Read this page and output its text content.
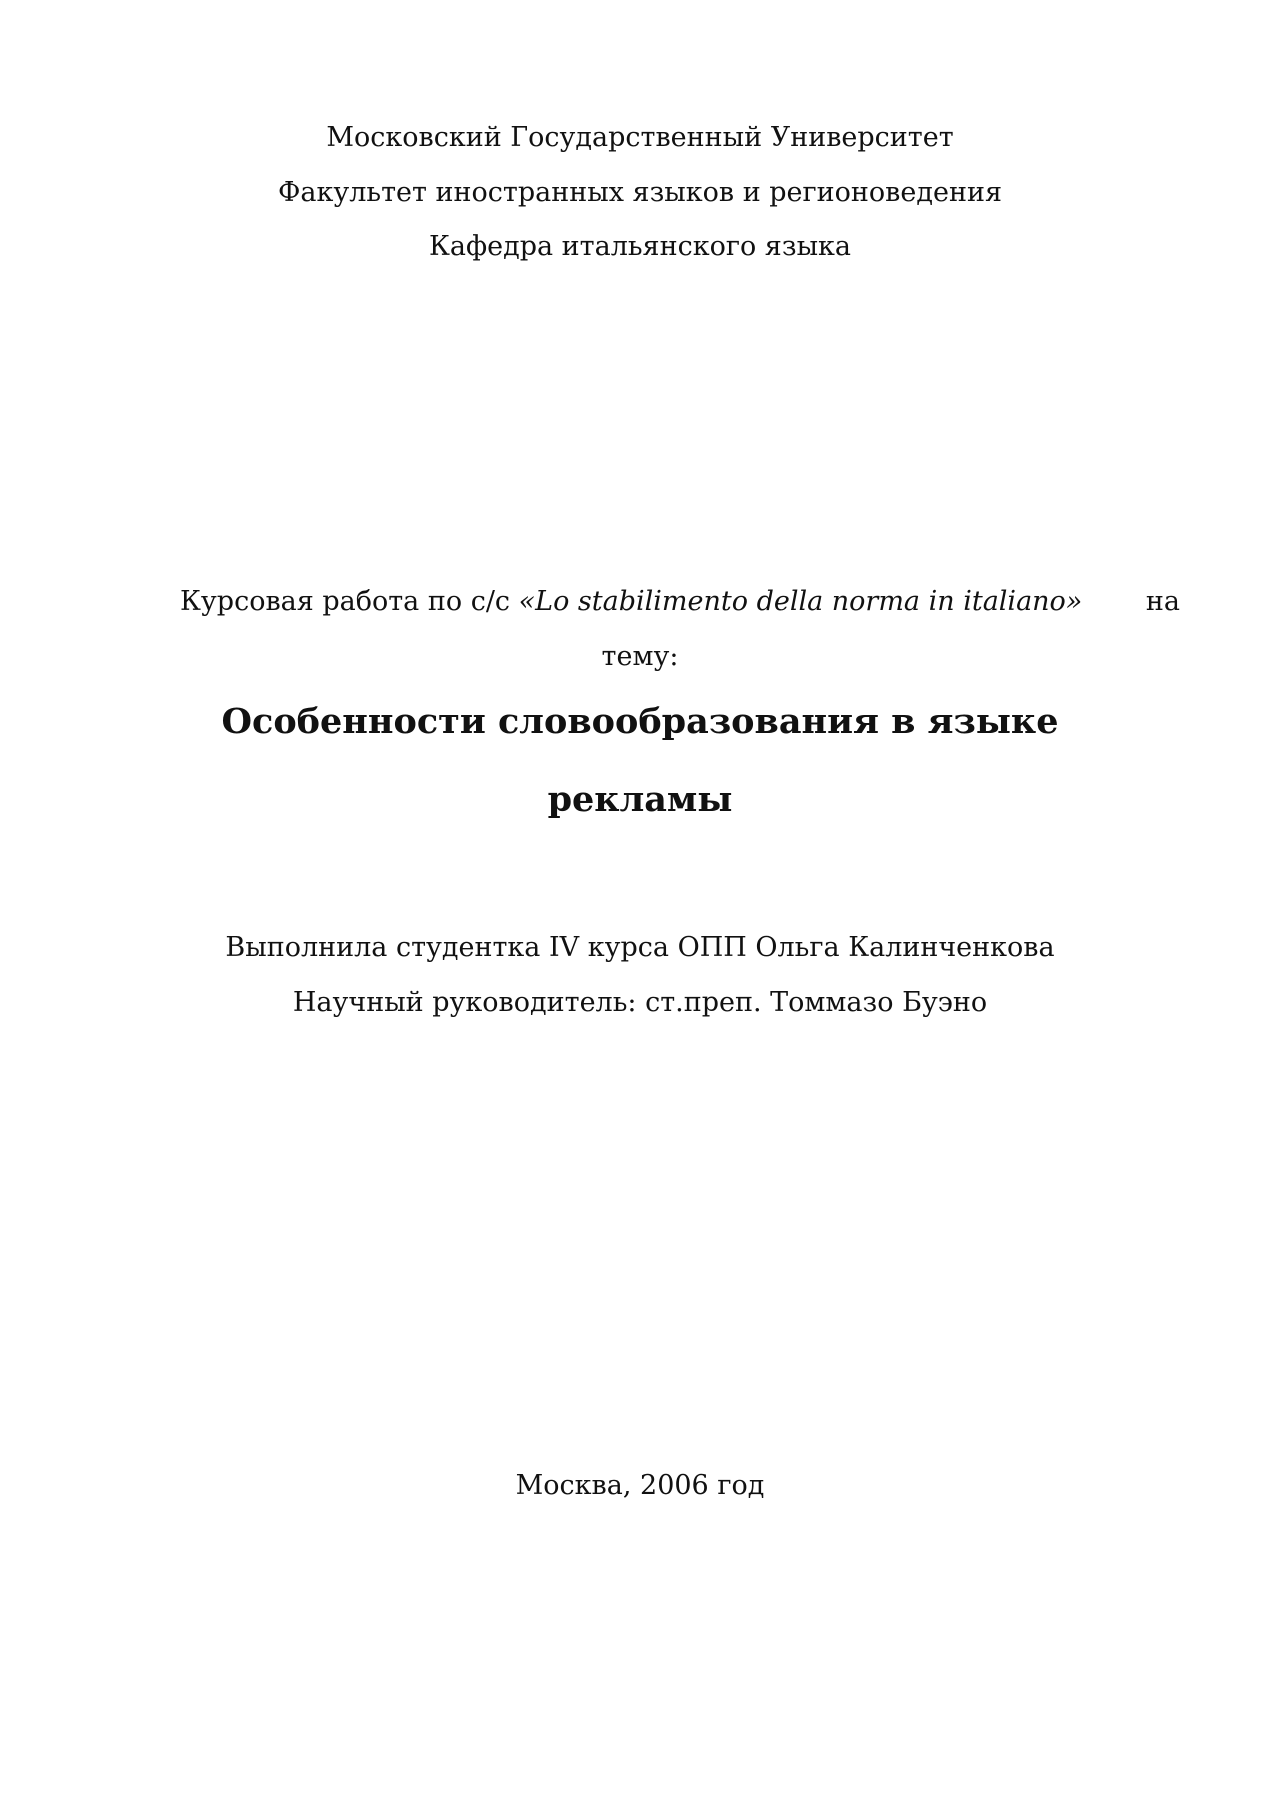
Московский Государственный Университет
Факультет иностранных языков и регионоведения
Кафедра итальянского языка
Курсовая работа по с/с «Lo stabilimento della norma in italiano» на
тему:
Особенности словообразования в языке
рекламы
Выполнила студентка IV курса ОПП Ольга Калинченкова
Научный руководитель: ст.преп. Томмазо Буэно
Москва, 2006 год
